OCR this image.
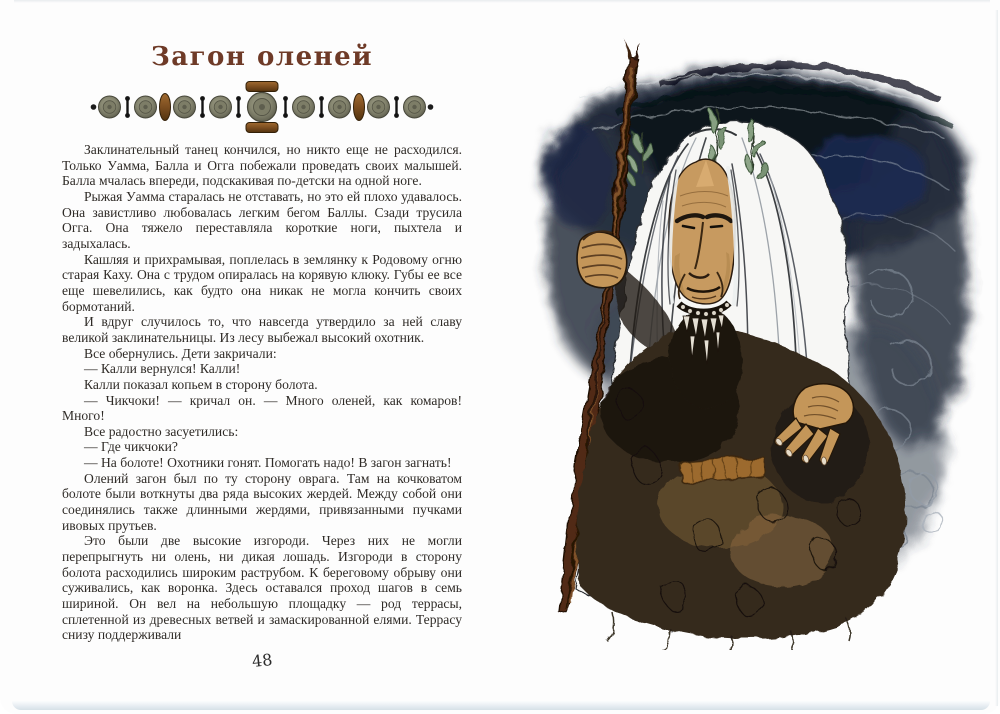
Загон оленей

Заклинательный танец кончился, но никто еще не расходился. Только Уамма, Балла и Огга побежали проведать своих малышей. Балла мчалась впереди, подскакивая по-детски на одной ноге.

Рыжая Уамма старалась не отставать, но это ей плохо удавалось. Она завистливо любовалась легким бегом Баллы. Сзади трусила Огга. Она тяжело переставляла короткие ноги, пыхтела и задыхалась.

Кашляя и прихрамывая, поплелась в землянку к Родовому огню старая Каху. Она с трудом опиралась на корявую клюку. Губы ее все еще шевелились, как будто она никак не могла кончить своих бормотаний.

И вдруг случилось то, что навсегда утвердило за ней славу великой заклинательницы. Из лесу выбежал высокий охотник.

Все обернулись. Дети закричали:

— Калли вернулся! Калли!

Калли показал копьем в сторону болота.

— Чикчоки! — кричал он. — Много оленей, как комаров! Много!

Все радостно засуетились:

— Где чикчоки?

— На болоте! Охотники гонят. Помогать надо! В загон загнать!

Олений загон был по ту сторону оврага. Там на кочковатом болоте были воткнуты два ряда высоких жердей. Между собой они соединялись также длинными жердями, привязанными пучками ивовых прутьев.

Это были две высокие изгороди. Через них не могли перепрыгнуть ни олень, ни дикая лошадь. Изгороди в сторону болота расходились широким раструбом. К береговому обрыву они суживались, как воронка. Здесь оставался проход шагов в семь шириной. Он вел на небольшую площадку — род террасы, сплетенной из древесных ветвей и замаскированной елями. Террасу снизу поддерживали

48
